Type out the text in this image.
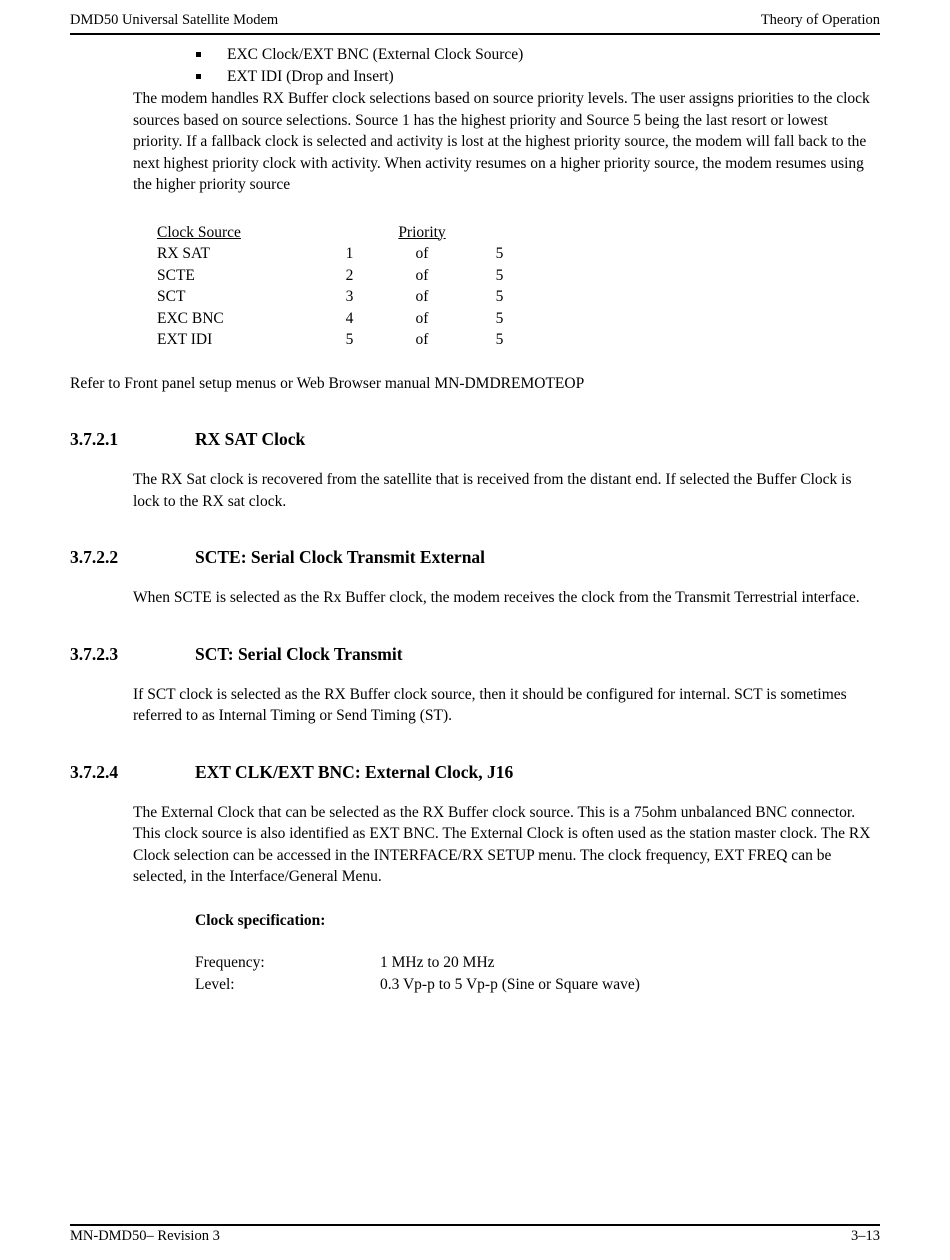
DMD50 Universal Satellite Modem	Theory of Operation
EXC Clock/EXT BNC (External Clock Source)
EXT IDI (Drop and Insert)

The modem handles RX Buffer clock selections based on source priority levels. The user assigns priorities to the clock sources based on source selections. Source 1 has the highest priority and Source 5 being the last resort or lowest priority. If a fallback clock is selected and activity is lost at the highest priority source, the modem will fall back to the next highest priority clock with activity. When activity resumes on a higher priority source, the modem resumes using the higher priority source

Clock Source		Priority	
RX SAT	1	of	5
SCTE	2	of	5
SCT	3	of	5
EXC BNC	4	of	5
EXT IDI	5	of	5

Refer to Front panel setup menus or Web Browser manual MN-DMDREMOTEOP

3.7.2.1	RX SAT Clock

The RX Sat clock is recovered from the satellite that is received from the distant end. If selected the Buffer Clock is lock to the RX sat clock.

3.7.2.2	SCTE: Serial Clock Transmit External

When SCTE is selected as the Rx Buffer clock, the modem receives the clock from the Transmit Terrestrial interface.

3.7.2.3	SCT: Serial Clock Transmit

If SCT clock is selected as the RX Buffer clock source, then it should be configured for internal. SCT is sometimes referred to as Internal Timing or Send Timing (ST).

3.7.2.4	EXT CLK/EXT BNC: External Clock, J16

The External Clock that can be selected as the RX Buffer clock source. This is a 75ohm unbalanced BNC connector. This clock source is also identified as EXT BNC. The External Clock is often used as the station master clock. The RX Clock selection can be accessed in the INTERFACE/RX SETUP menu. The clock frequency, EXT FREQ can be selected, in the Interface/General Menu.

Clock specification:

Frequency:	1 MHz to 20 MHz
Level:	0.3 Vp-p to 5 Vp-p (Sine or Square wave)
MN-DMD50– Revision 3	3–13
